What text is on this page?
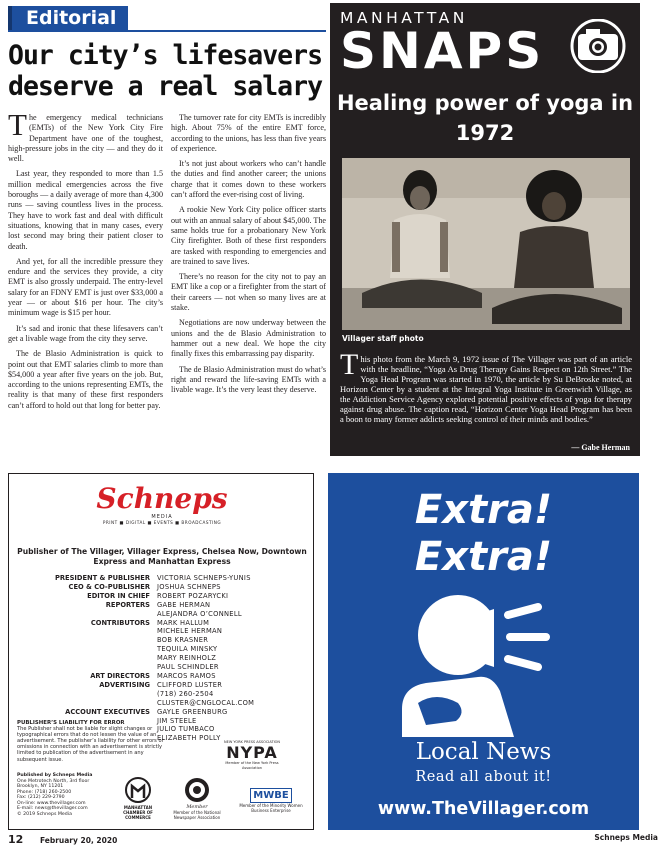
Editorial
Our city’s lifesavers deserve a real salary

The emergency medical technicians (EMTs) of the New York City Fire Department have one of the toughest, high-pressure jobs in the city — and they do it well.

Last year, they responded to more than 1.5 million medical emergencies across the five boroughs — a daily average of more than 4,300 runs — saving countless lives in the process. They have to work fast and deal with difficult situations, knowing that in many cases, every lost second may bring their patient closer to death.

And yet, for all the incredible pressure they endure and the services they provide, a city EMT is also grossly underpaid. The entry-level salary for an FDNY EMT is just over $33,000 a year — or about $16 per hour. The city’s minimum wage is $15 per hour.

It’s sad and ironic that these lifesavers can’t get a livable wage from the city they serve.

The de Blasio Administration is quick to point out that EMT salaries climb to more than $54,000 a year after five years on the job. But, according to the unions representing EMTs, the reality is that many of these first responders can’t afford to hold out that long for better pay.

The turnover rate for city EMTs is incredibly high. About 75% of the entire EMT force, according to the unions, has less than five years of experience.

It’s not just about workers who can’t handle the duties and find another career; the unions charge that it comes down to these workers can’t afford the ever-rising cost of living.

A rookie New York City police officer starts out with an annual salary of about $45,000. The same holds true for a probationary New York City firefighter. Both of these first responders are tasked with responding to emergencies and are trained to save lives.

There’s no reason for the city not to pay an EMT like a cop or a firefighter from the start of their careers — not when so many lives are at stake.

Negotiations are now underway between the unions and the de Blasio Administration to hammer out a new deal. We hope the city finally fixes this embarrassing pay disparity.

The de Blasio Administration must do what’s right and reward the life-saving EMTs with a livable wage. It’s the very least they deserve.

MANHATTAN
SNAPS
Healing power of yoga in 1972
Villager staff photo

This photo from the March 9, 1972 issue of The Villager was part of an article with the headline, “Yoga As Drug Therapy Gains Respect on 12th Street.” The Yoga Head Program was started in 1970, the article by Su DeBroske noted, at Horizon Center by a student at the Integral Yoga Institute in Greenwich Village, as the Addiction Service Agency explored potential positive effects of yoga for therapy against drug abuse. The caption read, “Horizon Center Yoga Head Program has been a boon to many former addicts seeking control of their minds and bodies.”

— Gabe Herman
Schneps
MEDIA
PRINT ■ DIGITAL ■ EVENTS ■ BROADCASTING
Publisher of The Villager, Villager Express, Chelsea Now, Downtown Express and Manhattan Express
PRESIDENT & PUBLISHER	VICTORIA SCHNEPS-YUNIS
CEO & CO-PUBLISHER	JOSHUA SCHNEPS
EDITOR IN CHIEF	ROBERT POZARYCKI
REPORTERS	GABE HERMAN
ALEJANDRA O’CONNELL
CONTRIBUTORS	MARK HALLUM
MICHELE HERMAN
BOB KRASNER
TEQUILA MINSKY
MARY REINHOLZ
PAUL SCHINDLER
ART DIRECTORS	MARCOS RAMOS
ADVERTISING	CLIFFORD LUSTER
(718) 260-2504
CLUSTER@CNGLOCAL.COM
ACCOUNT EXECUTIVES	GAYLE GREENBURG
JIM STEELE
JULIO TUMBACO
ELIZABETH POLLY
PUBLISHER’S LIABILITY FOR ERROR
The Publisher shall not be liable for slight changes or typographical errors that do not lessen the value of an advertisement. The publisher’s liability for other errors or omissions in connection with an advertisement is strictly limited to publication of the advertisement in any subsequent issue.
Published by Schneps Media
One Metrotech North, 3rd floor
Brooklyn, NY 11201
Phone: (718) 260-2500
Fax: (212) 229-2790
On-line: www.thevillager.com
E-mail: news@thevillager.com
© 2019 Schneps Media
NEW YORK PRESS ASSOCIATION
NYPA
Member of the New York Press Association
MANHATTAN CHAMBER OF COMMERCE
Member
Member of the National Newspaper Association
MWBE
Member of the Minority Women Business Enterprise
Extra!
Extra!
Local News
Read all about it!
www.TheVillager.com
12 February 20, 2020	Schneps Media
